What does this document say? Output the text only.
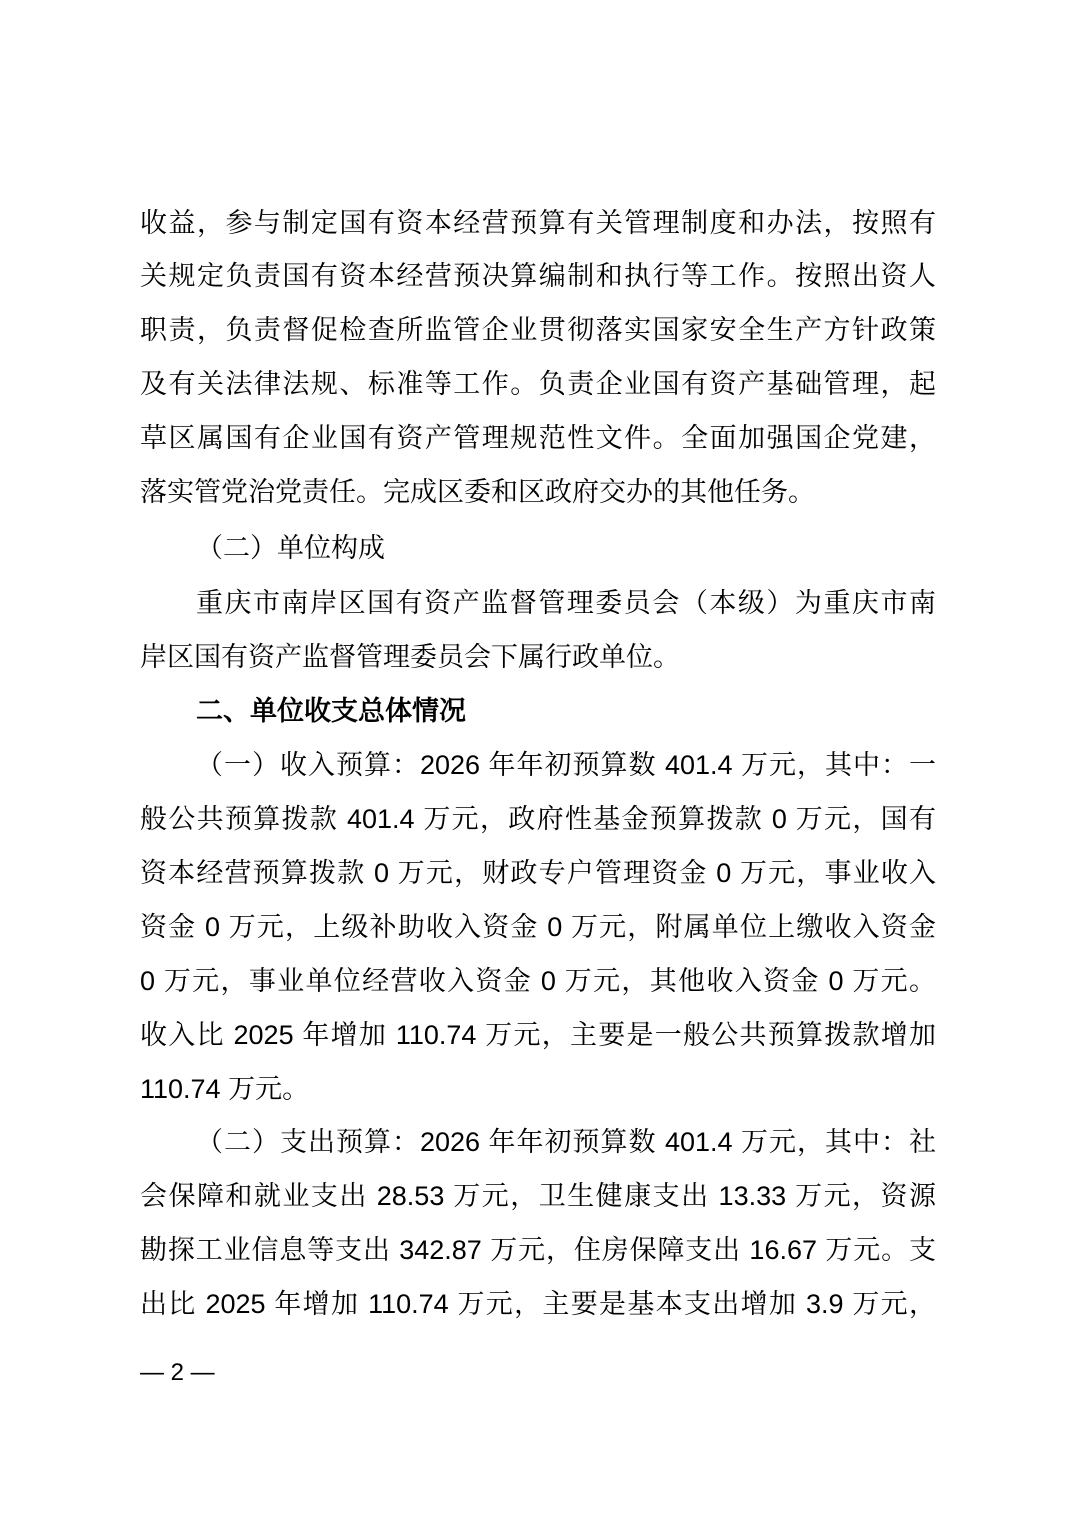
收益，参与制定国有资本经营预算有关管理制度和办法，按照有
关规定负责国有资本经营预决算编制和执行等工作。按照出资人
职责，负责督促检查所监管企业贯彻落实国家安全生产方针政策
及有关法律法规、标准等工作。负责企业国有资产基础管理，起
草区属国有企业国有资产管理规范性文件。全面加强国企党建，
落实管党治党责任。完成区委和区政府交办的其他任务。
（二）单位构成
重庆市南岸区国有资产监督管理委员会（本级）为重庆市南
岸区国有资产监督管理委员会下属行政单位。
二、单位收支总体情况
（一）收入预算：2026 年年初预算数 401.4 万元，其中：一
般公共预算拨款 401.4 万元，政府性基金预算拨款 0 万元，国有
资本经营预算拨款 0 万元，财政专户管理资金 0 万元，事业收入
资金 0 万元，上级补助收入资金 0 万元，附属单位上缴收入资金
0 万元，事业单位经营收入资金 0 万元，其他收入资金 0 万元。
收入比 2025 年增加 110.74 万元，主要是一般公共预算拨款增加
110.74 万元。
（二）支出预算：2026 年年初预算数 401.4 万元，其中：社
会保障和就业支出 28.53 万元，卫生健康支出 13.33 万元，资源
勘探工业信息等支出 342.87 万元，住房保障支出 16.67 万元。支
出比 2025 年增加 110.74 万元，主要是基本支出增加 3.9 万元，
— 2 —
